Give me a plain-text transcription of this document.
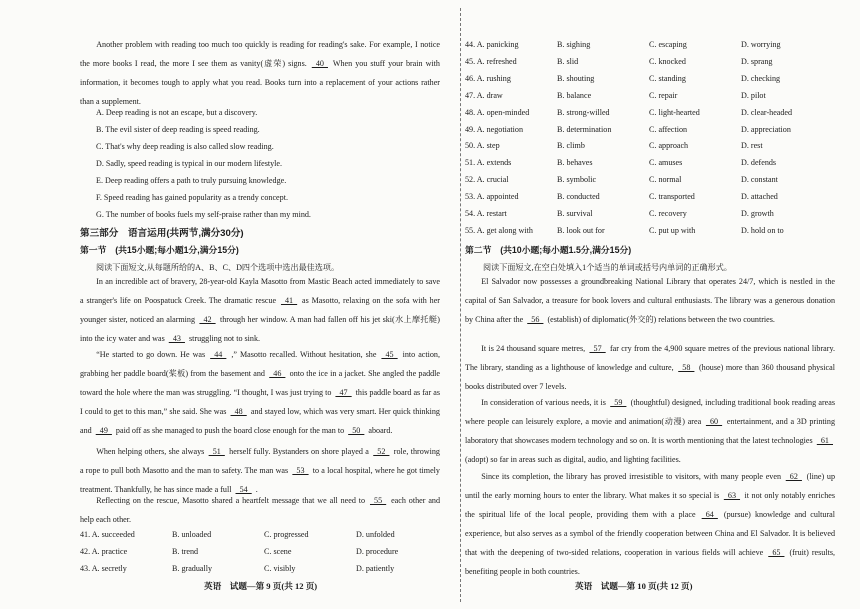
Another problem with reading too much too quickly is reading for reading's sake. For example, I notice the more books I read, the more I see them as vanity(虚荣) signs.  40  When you stuff your brain with information, it becomes tough to apply what you read. Books turn into a replacement of your actions rather than a supplement.
A. Deep reading is not an escape, but a discovery.
B. The evil sister of deep reading is speed reading.
C. That's why deep reading is also called slow reading.
D. Sadly, speed reading is typical in our modern lifestyle.
E. Deep reading offers a path to truly pursuing knowledge.
F. Speed reading has gained popularity as a trendy concept.
G. The number of books fuels my self-praise rather than my mind.
第三部分　语言运用(共两节,满分30分)
第一节　(共15小题;每小题1分,满分15分)
阅读下面短文,从每题所给的A、B、C、D四个选项中选出最佳选项。
In an incredible act of bravery, 28-year-old Kayla Masotto from Mastic Beach acted immediately to save a stranger's life on Poospatuck Creek. The dramatic rescue  41  as Masotto, relaxing on the sofa with her younger sister, noticed an alarming  42  through her window. A man had fallen off his jet ski(水上摩托艇) into the icy water and was  43  struggling not to sink.
“He started to go down. He was  44  ,” Masotto recalled. Without hesitation, she  45  into action, grabbing her paddle board(桨板) from the basement and  46  onto the ice in a jacket. She angled the paddle toward the hole where the man was struggling. “I thought, I was just trying to  47  this paddle board as far as I could to get to this man,” she said. She was  48  and stayed low, which was very smart. Her quick thinking and  49  paid off as she managed to push the board close enough for the man to  50  aboard.
When helping others, she always  51  herself fully. Bystanders on shore played a  52  role, throwing a rope to pull both Masotto and the man to safety. The man was  53  to a local hospital, where he got timely treatment. Thankfully, he has since made a full  54  .
Reflecting on the rescue, Masotto shared a heartfelt message that we all need to  55  each other and help each other.
41. A. succeeded	B. unloaded	C. progressed	D. unfolded
42. A. practice	B. trend	C. scene	D. procedure
43. A. secretly	B. gradually	C. visibly	D. patiently
英语　试题—第 9 页(共 12 页)
44. A. panicking	B. sighing	C. escaping	D. worrying
45. A. refreshed	B. slid	C. knocked	D. sprang
46. A. rushing	B. shouting	C. standing	D. checking
47. A. draw	B. balance	C. repair	D. pilot
48. A. open-minded	B. strong-willed	C. light-hearted	D. clear-headed
49. A. negotiation	B. determination	C. affection	D. appreciation
50. A. step	B. climb	C. approach	D. rest
51. A. extends	B. behaves	C. amuses	D. defends
52. A. crucial	B. symbolic	C. normal	D. constant
53. A. appointed	B. conducted	C. transported	D. attached
54. A. restart	B. survival	C. recovery	D. growth
55. A. get along with	B. look out for	C. put up with	D. hold on to
第二节　(共10小题;每小题1.5分,满分15分)
阅读下面短文,在空白处填入1个适当的单词或括号内单词的正确形式。
El Salvador now possesses a groundbreaking National Library that operates 24/7, which is nestled in the capital of San Salvador, a treasure for book lovers and cultural enthusiasts. The library was a generous donation by China after the  56  (establish) of diplomatic(外交的) relations between the two countries.
It is 24 thousand square metres,  57  far cry from the 4,900 square metres of the previous national library. The library, standing as a lighthouse of knowledge and culture,  58  (house) more than 360 thousand physical books distributed over 7 levels.
In consideration of various needs, it is  59  (thoughtful) designed, including traditional book reading areas where people can leisurely explore, a movie and animation(动漫) area  60  entertainment, and a 3D printing laboratory that showcases modern technology and so on. It is worth mentioning that the latest technologies  61  (adopt) so far in areas such as digital, audio, and lighting facilities.
Since its completion, the library has proved irresistible to visitors, with many people even  62  (line) up until the early morning hours to enter the library. What makes it so special is  63  it not only notably enriches the spiritual life of the local people, providing them with a place  64  (pursue) knowledge and cultural experience, but also serves as a symbol of the friendly cooperation between China and El Salvador. It is believed that with the deepening of two-sided relations, cooperation in various fields will achieve  65  (fruit) results, benefiting people in both countries.
英语　试题—第 10 页(共 12 页)
